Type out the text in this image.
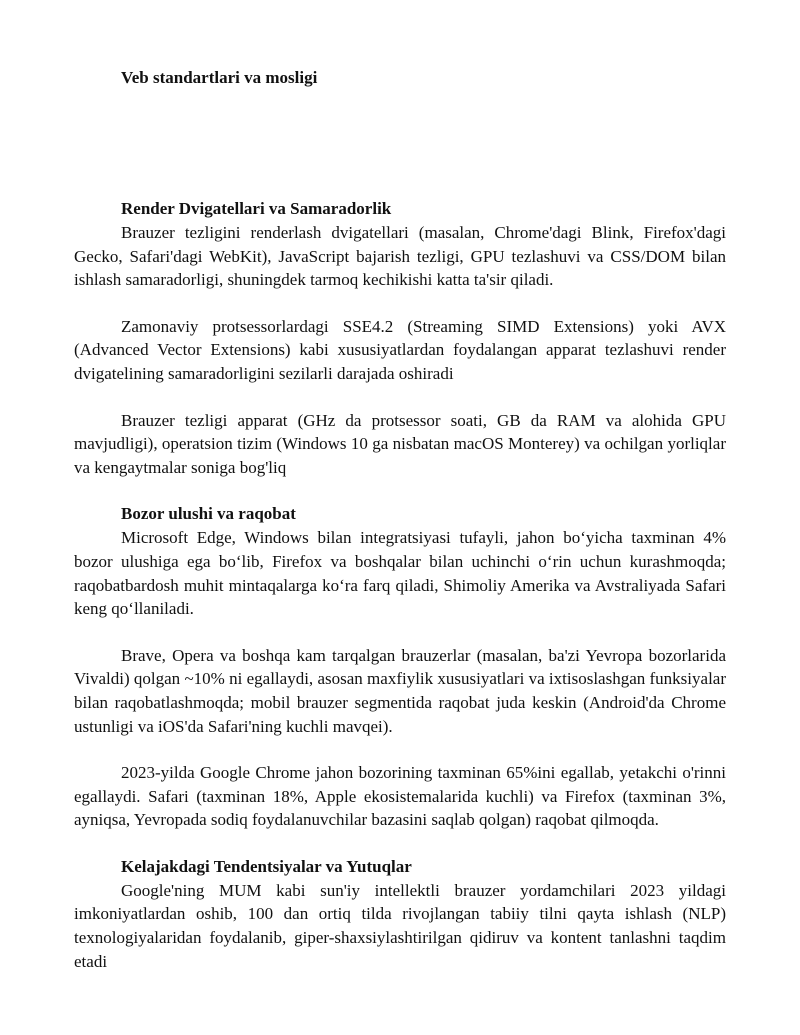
Veb standartlari va mosligi
Render Dvigatellari va Samaradorlik

Brauzer tezligini renderlash dvigatellari (masalan, Chrome'dagi Blink, Firefox'dagi Gecko, Safari'dagi WebKit), JavaScript bajarish tezligi, GPU tezlashuvi va CSS/DOM bilan ishlash samaradorligi, shuningdek tarmoq kechikishi katta ta'sir qiladi.

Zamonaviy protsessorlardagi SSE4.2 (Streaming SIMD Extensions) yoki AVX (Advanced Vector Extensions) kabi xususiyatlardan foydalangan apparat tezlashuvi render dvigatelining samaradorligini sezilarli darajada oshiradi

Brauzer tezligi apparat (GHz da protsessor soati, GB da RAM va alohida GPU mavjudligi), operatsion tizim (Windows 10 ga nisbatan macOS Monterey) va ochilgan yorliqlar va kengaytmalar soniga bog'liq

Bozor ulushi va raqobat

Microsoft Edge, Windows bilan integratsiyasi tufayli, jahon bo‘yicha taxminan 4% bozor ulushiga ega bo‘lib, Firefox va boshqalar bilan uchinchi o‘rin uchun kurashmoqda; raqobatbardosh muhit mintaqalarga ko‘ra farq qiladi, Shimoliy Amerika va Avstraliyada Safari keng qo‘llaniladi.

Brave, Opera va boshqa kam tarqalgan brauzerlar (masalan, ba'zi Yevropa bozorlarida Vivaldi) qolgan ~10% ni egallaydi, asosan maxfiylik xususiyatlari va ixtisoslashgan funksiyalar bilan raqobatlashmoqda; mobil brauzer segmentida raqobat juda keskin (Android'da Chrome ustunligi va iOS'da Safari'ning kuchli mavqei).

2023-yilda Google Chrome jahon bozorining taxminan 65%ini egallab, yetakchi o'rinni egallaydi. Safari (taxminan 18%, Apple ekosistemalarida kuchli) va Firefox (taxminan 3%, ayniqsa, Yevropada sodiq foydalanuvchilar bazasini saqlab qolgan) raqobat qilmoqda.

Kelajakdagi Tendentsiyalar va Yutuqlar

Google'ning MUM kabi sun'iy intellektli brauzer yordamchilari 2023 yildagi imkoniyatlardan oshib, 100 dan ortiq tilda rivojlangan tabiiy tilni qayta ishlash (NLP) texnologiyalaridan foydalanib, giper-shaxsiylashtirilgan qidiruv va kontent tanlashni taqdim etadi
